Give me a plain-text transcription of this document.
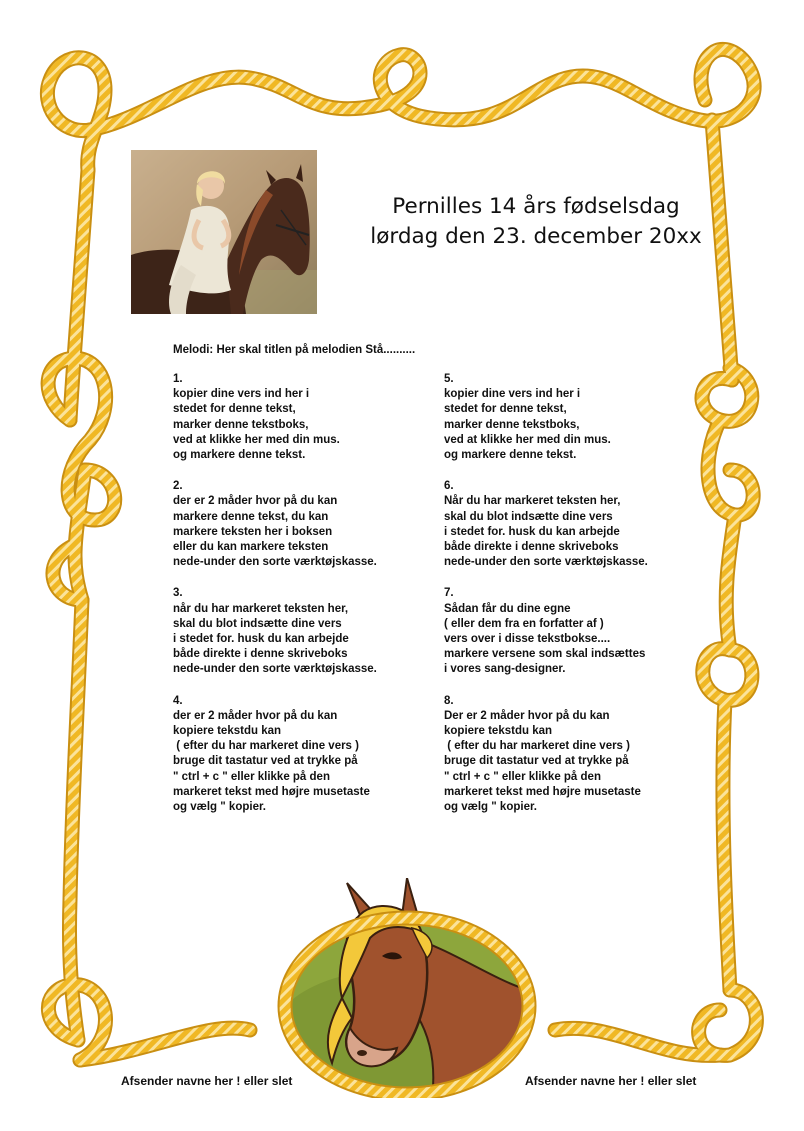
Pernilles 14 års fødselsdag
lørdag den 23. december 20xx
Melodi: Her skal titlen på melodien Stå..........
1.
kopier dine vers ind her i
stedet for denne tekst,
marker denne tekstboks,
ved at klikke her med din mus.
og markere denne tekst.
2.
der er 2 måder hvor på du kan
markere denne tekst, du kan
markere teksten her i boksen
eller du kan markere teksten
nede-under den sorte værktøjskasse.
3.
når du har markeret teksten her,
skal du blot indsætte dine vers
i stedet for. husk du kan arbejde
både direkte i denne skriveboks
nede-under den sorte værktøjskasse.
4.
der er 2 måder hvor på du kan
kopiere tekstdu kan
( efter du har markeret dine vers )
bruge dit tastatur ved at trykke på
" ctrl + c " eller klikke på den
markeret tekst med højre musetaste
og vælg " kopier.
5.
kopier dine vers ind her i
stedet for denne tekst,
marker denne tekstboks,
ved at klikke her med din mus.
og markere denne tekst.
6.
Når du har markeret teksten her,
skal du blot indsætte dine vers
i stedet for. husk du kan arbejde
både direkte i denne skriveboks
nede-under den sorte værktøjskasse.
7.
Sådan får du dine egne
( eller dem fra en forfatter af )
vers over i disse tekstbokse....
markere versene som skal indsættes
i vores sang-designer.
8.
Der er 2 måder hvor på du kan
kopiere tekstdu kan
( efter du har markeret dine vers )
bruge dit tastatur ved at trykke på
" ctrl + c " eller klikke på den
markeret tekst med højre musetaste
og vælg " kopier.
Afsender navne her ! eller slet	Afsender navne her ! eller slet
